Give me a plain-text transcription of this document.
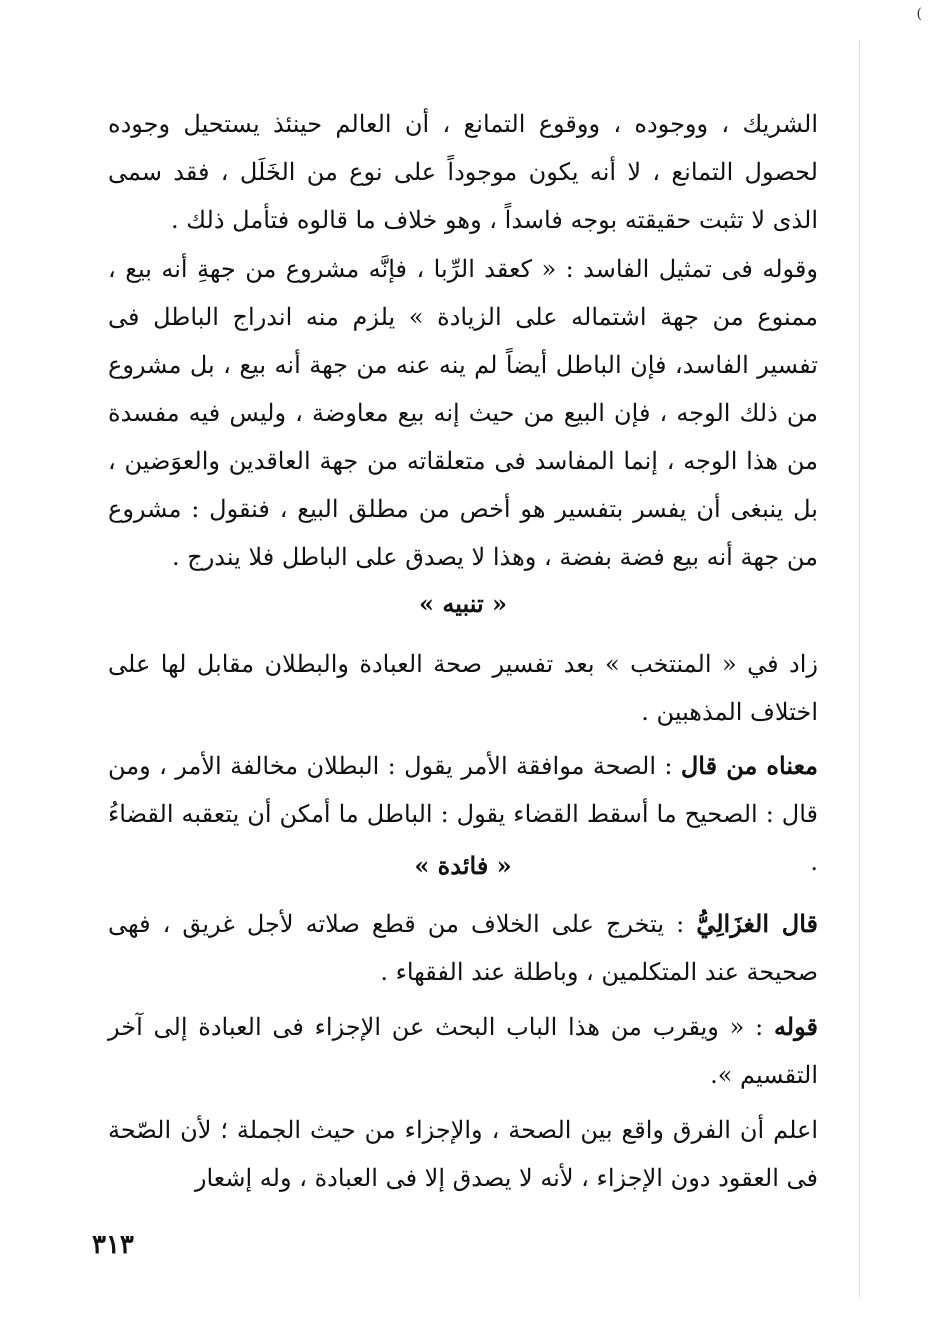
(
الشريك ، ووجوده ، ووقوع التمانع ، أن العالم حينئذ يستحيل وجوده لحصول التمانع ، لا أنه يكون موجوداً على نوع من الخَلَل ، فقد سمى الذى لا تثبت حقيقته بوجه فاسداً ، وهو خلاف ما قالوه فتأمل ذلك .
وقوله فى تمثيل الفاسد : « كعقد الرِّبا ، فإنَّه مشروع من جهةِ أنه بيع ، ممنوع من جهة اشتماله على الزيادة » يلزم منه اندراج الباطل فى تفسير الفاسد، فإن الباطل أيضاً لم ينه عنه من جهة أنه بيع ، بل مشروع من ذلك الوجه ، فإن البيع من حيث إنه بيع معاوضة ، وليس فيه مفسدة من هذا الوجه ، إنما المفاسد فى متعلقاته من جهة العاقدين والعوَضين ، بل ينبغى أن يفسر بتفسير هو أخص من مطلق البيع ، فنقول : مشروع من جهة أنه بيع فضة بفضة ، وهذا لا يصدق على الباطل فلا يندرج .
« تنبيه »
زاد في « المنتخب » بعد تفسير صحة العبادة والبطلان مقابل لها على اختلاف المذهبين .
معناه من قال : الصحة موافقة الأمر يقول : البطلان مخالفة الأمر ، ومن قال : الصحيح ما أسقط القضاء يقول : الباطل ما أمكن أن يتعقبه القضاءُ .
« فائدة »
قال الغزَالِيُّ : يتخرج على الخلاف من قطع صلاته لأجل غريق ، فهى صحيحة عند المتكلمين ، وباطلة عند الفقهاء .
قوله : « ويقرب من هذا الباب البحث عن الإجزاء فى العبادة إلى آخر التقسيم ».
اعلم أن الفرق واقع بين الصحة ، والإجزاء من حيث الجملة ؛ لأن الصّحة فى العقود دون الإجزاء ، لأنه لا يصدق إلا فى العبادة ، وله إشعار
٣١٣
